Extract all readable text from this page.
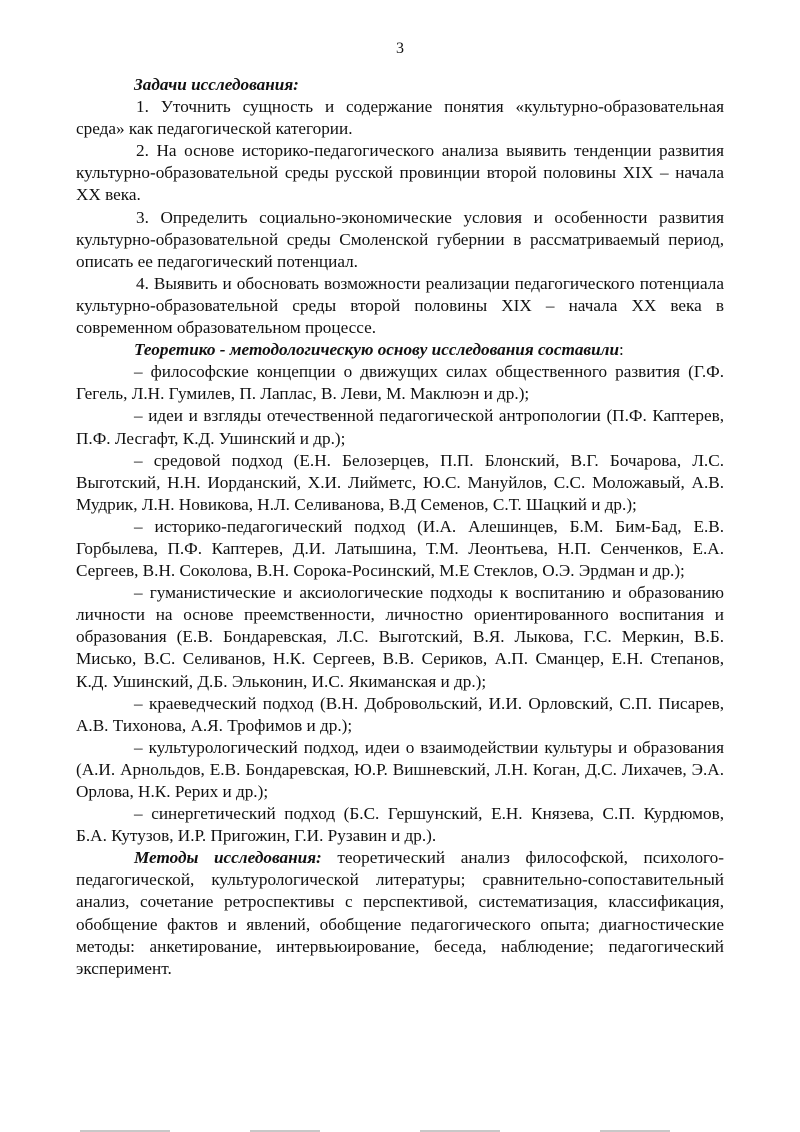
3

Задачи исследования:

1. Уточнить сущность и содержание понятия «культурно-образовательная среда» как педагогической категории.

2. На основе историко-педагогического анализа выявить тенденции развития культурно-образовательной среды русской провинции второй половины XIX – начала XX века.

3. Определить социально-экономические условия и особенности развития культурно-образовательной среды Смоленской губернии в рассматриваемый период, описать ее педагогический потенциал.

4. Выявить и обосновать возможности реализации педагогического потенциала культурно-образовательной среды второй половины XIX – начала XX века в современном образовательном процессе.

Теоретико - методологическую основу исследования составили:

– философские концепции о движущих силах общественного развития (Г.Ф. Гегель, Л.Н. Гумилев, П. Лаплас, В. Леви, М. Маклюэн и др.);

– идеи и взгляды отечественной педагогической антропологии (П.Ф. Каптерев, П.Ф. Лесгафт, К.Д. Ушинский и др.);

– средовой подход (Е.Н. Белозерцев, П.П. Блонский, В.Г. Бочарова, Л.С. Выготский, Н.Н. Иорданский, Х.И. Лийметс, Ю.С. Мануйлов, С.С. Моложавый, А.В. Мудрик, Л.Н. Новикова, Н.Л. Селиванова, В.Д Семенов, С.Т. Шацкий и др.);

– историко-педагогический подход (И.А. Алешинцев, Б.М. Бим-Бад, Е.В. Горбылева, П.Ф. Каптерев, Д.И. Латышина, Т.М. Леонтьева, Н.П. Сенченков, Е.А. Сергеев, В.Н. Соколова, В.Н. Сорока-Росинский, М.Е Стеклов, О.Э. Эрдман и др.);

– гуманистические и аксиологические подходы к воспитанию и образованию личности на основе преемственности, личностно ориентированного воспитания и образования (Е.В. Бондаревская, Л.С. Выготский, В.Я. Лыкова, Г.С. Меркин, В.Б. Мисько, В.С. Селиванов, Н.К. Сергеев, В.В. Сериков, А.П. Сманцер, Е.Н. Степанов, К.Д. Ушинский, Д.Б. Эльконин, И.С. Якиманская и др.);

– краеведческий подход (В.Н. Добровольский, И.И. Орловский, С.П. Писарев, А.В. Тихонова, А.Я. Трофимов и др.);

– культурологический подход, идеи о взаимодействии культуры и образования (А.И. Арнольдов, Е.В. Бондаревская, Ю.Р. Вишневский, Л.Н. Коган, Д.С. Лихачев, Э.А. Орлова, Н.К. Рерих и др.);

– синергетический подход (Б.С. Гершунский, Е.Н. Князева, С.П. Курдюмов, Б.А. Кутузов, И.Р. Пригожин, Г.И. Рузавин и др.).

Методы исследования: теоретический анализ философской, психолого-педагогической, культурологической литературы; сравнительно-сопоставительный анализ, сочетание ретроспективы с перспективой, систематизация, классификация, обобщение фактов и явлений, обобщение педагогического опыта; диагностические методы: анкетирование, интервьюирование, беседа, наблюдение; педагогический эксперимент.
